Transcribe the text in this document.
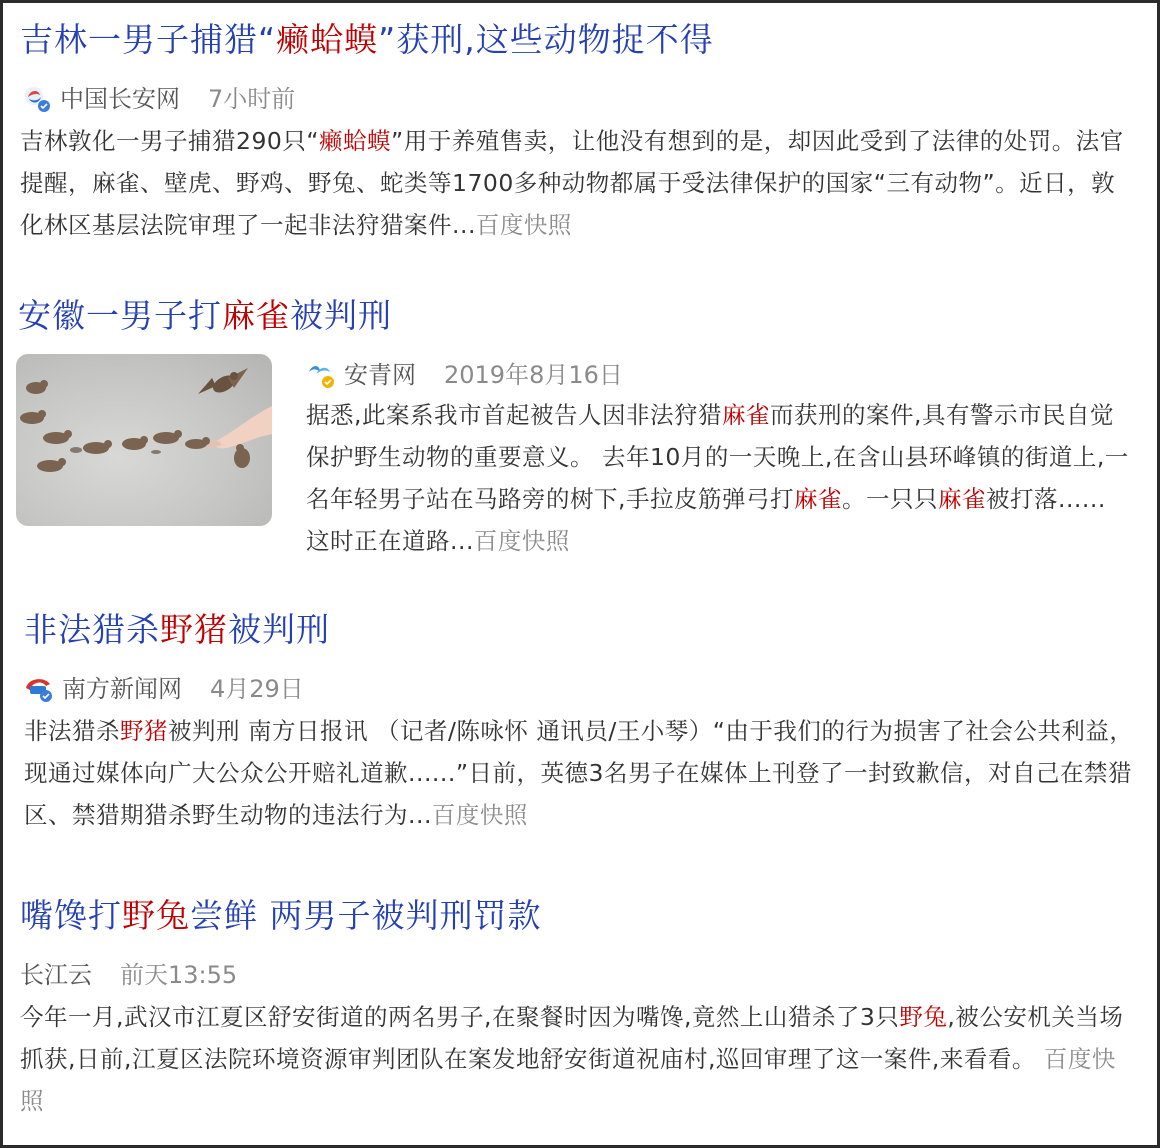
吉林一男子捕猎“癞蛤蟆”获刑,这些动物捉不得
中国长安网 7小时前
吉林敦化一男子捕猎290只“癞蛤蟆”用于养殖售卖，让他没有想到的是，却因此受到了法律的处罚。法官提醒，麻雀、壁虎、野鸡、野兔、蛇类等1700多种动物都属于受法律保护的国家“三有动物”。近日，敦化林区基层法院审理了一起非法狩猎案件...百度快照
安徽一男子打麻雀被判刑
安青网 2019年8月16日
据悉,此案系我市首起被告人因非法狩猎麻雀而获刑的案件,具有警示市民自觉保护野生动物的重要意义。 去年10月的一天晚上,在含山县环峰镇的街道上,一名年轻男子站在马路旁的树下,手拉皮筋弹弓打麻雀。一只只麻雀被打落...... 这时正在道路...百度快照
非法猎杀野猪被判刑
南方新闻网 4月29日
非法猎杀野猪被判刑 南方日报讯 （记者/陈咏怀 通讯员/王小琴）“由于我们的行为损害了社会公共利益，现通过媒体向广大公众公开赔礼道歉......”日前，英德3名男子在媒体上刊登了一封致歉信，对自己在禁猎区、禁猎期猎杀野生动物的违法行为...百度快照
嘴馋打野兔尝鲜 两男子被判刑罚款
长江云 前天13:55
今年一月,武汉市江夏区舒安街道的两名男子,在聚餐时因为嘴馋,竟然上山猎杀了3只野兔,被公安机关当场抓获,日前,江夏区法院环境资源审判团队在案发地舒安街道祝庙村,巡回审理了这一案件,来看看。 百度快照
